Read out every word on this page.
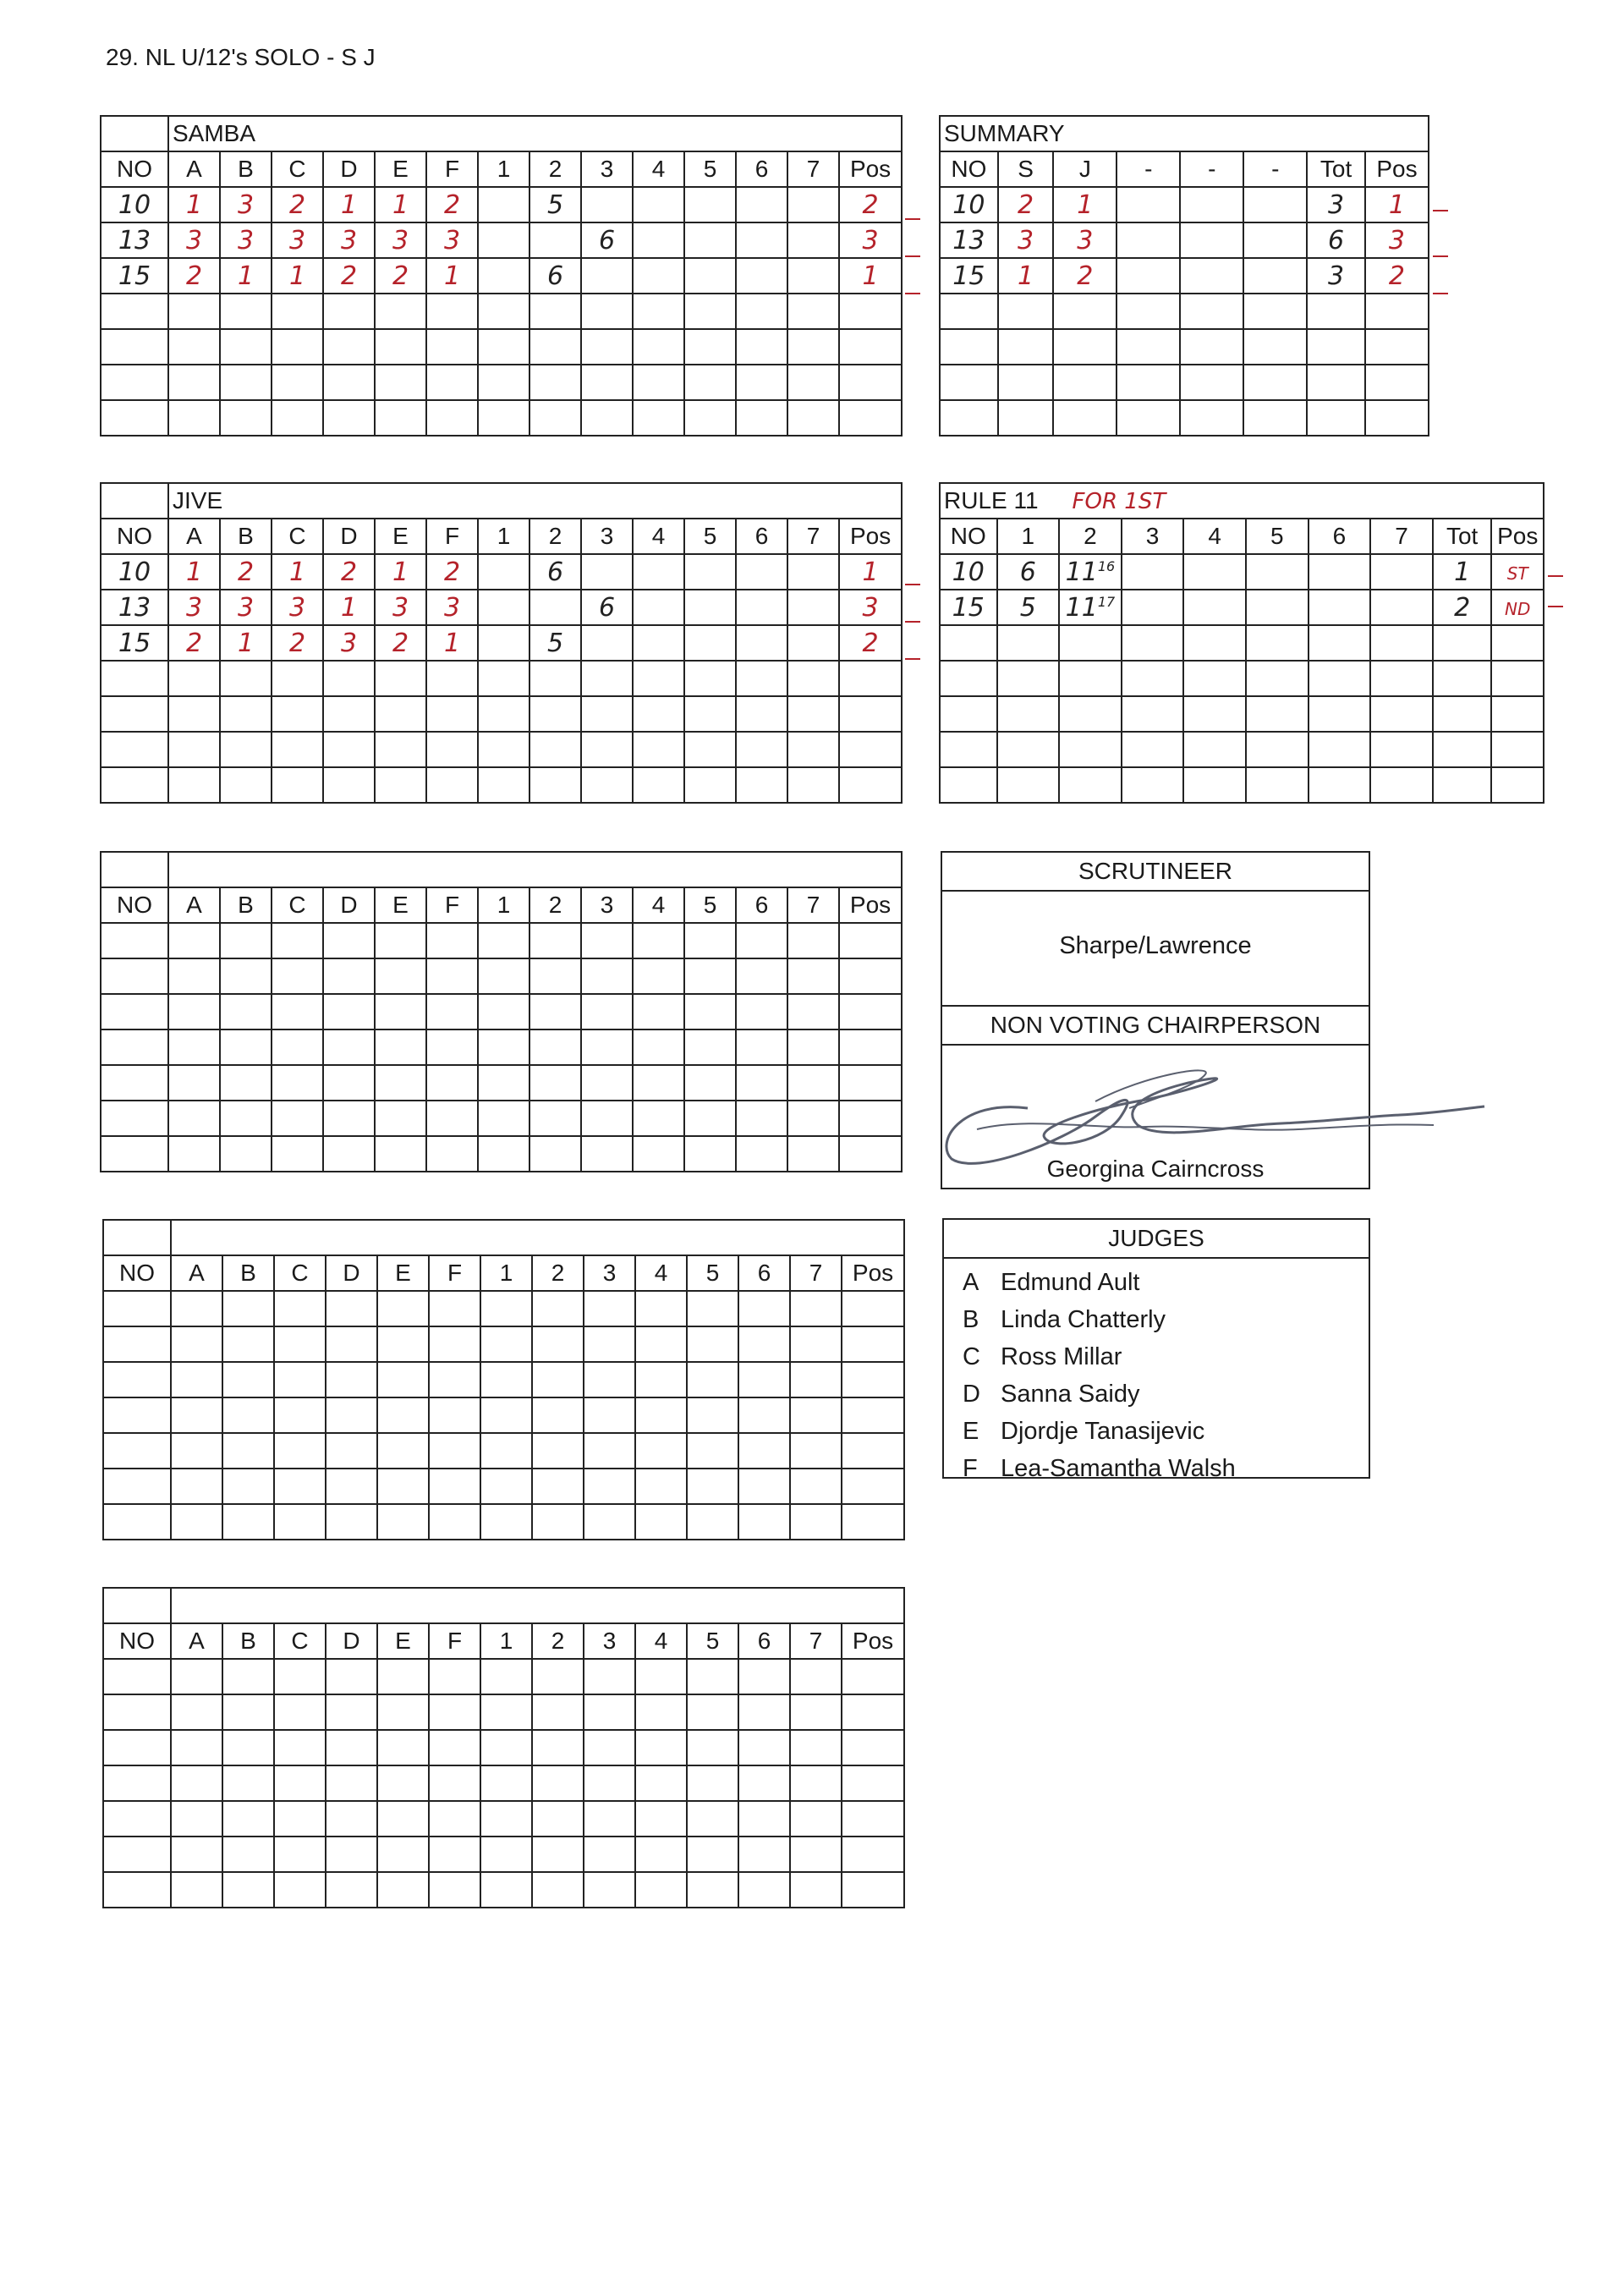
29. NL U/12's SOLO - S J
	SAMBA													
NO	A	B	C	D	E	F	1	2	3	4	5	6	7	Pos
10	1	3	2	1	1	2		5						2
13	3	3	3	3	3	3			6					3
15	2	1	1	2	2	1		6						1

	JIVE													
NO	A	B	C	D	E	F	1	2	3	4	5	6	7	Pos
10	1	2	1	2	1	2		6						1
13	3	3	3	1	3	3			6					3
15	2	1	2	3	2	1		5						2

NO	A	B	C	D	E	F	1	2	3	4	5	6	7	Pos

NO	A	B	C	D	E	F	1	2	3	4	5	6	7	Pos

NO	A	B	C	D	E	F	1	2	3	4	5	6	7	Pos

SUMMARY							
NO	S	J	-	-	-	Tot	Pos
10	2	1				3	1
13	3	3				6	3
15	1	2				3	2

RULE 11 FOR 1ST									
NO	1	2	3	4	5	6	7	Tot	Pos
10	6	$11^{16}$						1	ST
15	5	$11^{17}$						2	ND

SCRUTINEER
Sharpe/Lawrence
NON VOTING CHAIRPERSON
Georgina Cairncross
JUDGES
A Edmund Ault
B Linda Chatterly
C Ross Millar
D Sanna Saidy
E Djordje Tanasijevic
F Lea-Samantha Walsh
